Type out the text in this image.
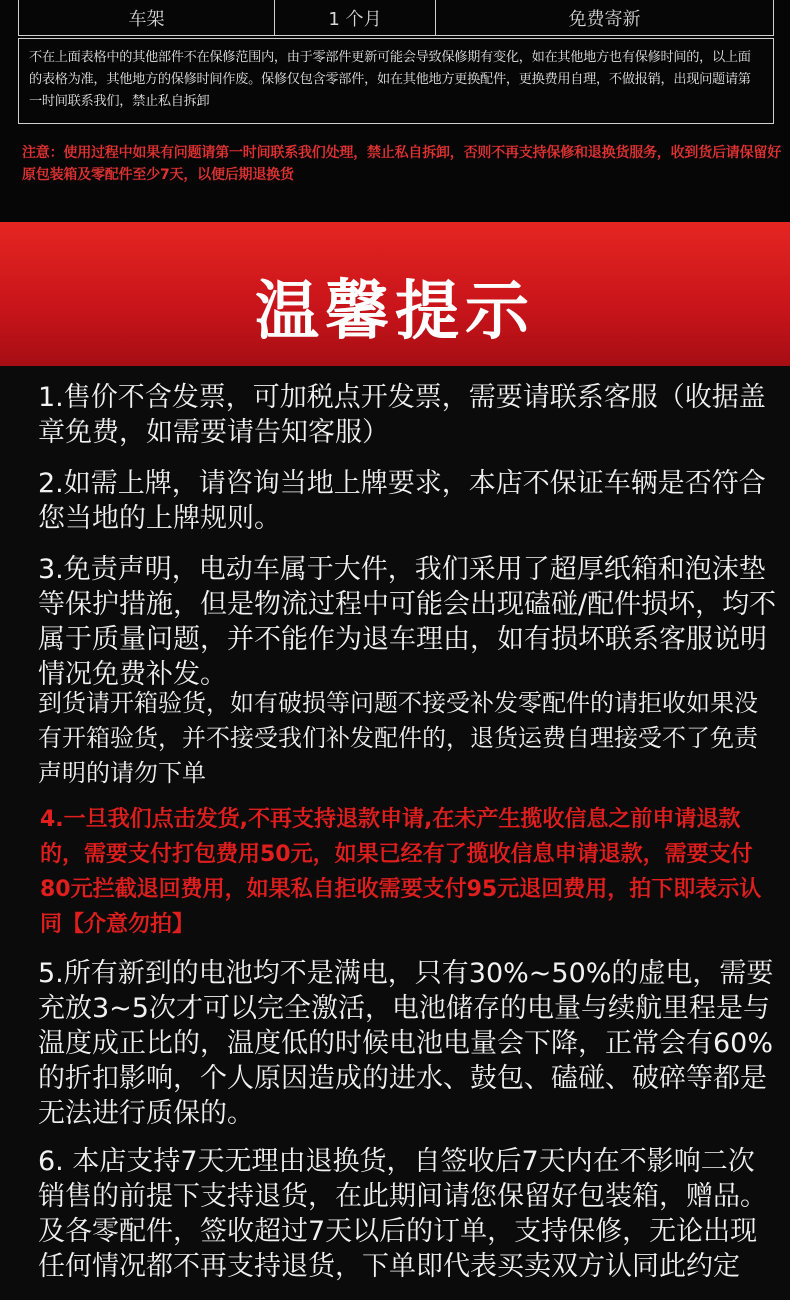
车架	1 个月	免费寄新
不在上面表格中的其他部件不在保修范围内，由于零部件更新可能会导致保修期有变化，如在其他地方也有保修时间的，以上面的表格为准，其他地方的保修时间作废。保修仅包含零部件，如在其他地方更换配件，更换费用自理，不做报销，出现问题请第一时间联系我们，禁止私自拆卸
注意：使用过程中如果有问题请第一时间联系我们处理，禁止私自拆卸，否则不再支持保修和退换货服务，收到货后请保留好原包装箱及零配件至少7天，以便后期退换货
温馨提示

1.售价不含发票，可加税点开发票，需要请联系客服（收据盖章免费，如需要请告知客服）

2.如需上牌，请咨询当地上牌要求，本店不保证车辆是否符合您当地的上牌规则。

3.免责声明，电动车属于大件，我们采用了超厚纸箱和泡沫垫等保护措施，但是物流过程中可能会出现磕碰/配件损坏，均不属于质量问题，并不能作为退车理由，如有损坏联系客服说明情况免费补发。

到货请开箱验货，如有破损等问题不接受补发零配件的请拒收如果没有开箱验货，并不接受我们补发配件的，退货运费自理接受不了免责声明的请勿下单

4.一旦我们点击发货,不再支持退款申请,在未产生揽收信息之前申请退款的，需要支付打包费用50元，如果已经有了揽收信息申请退款，需要支付80元拦截退回费用，如果私自拒收需要支付95元退回费用，拍下即表示认同【介意勿拍】

5.所有新到的电池均不是满电，只有30%~50%的虚电，需要充放3~5次才可以完全激活，电池储存的电量与续航里程是与温度成正比的，温度低的时候电池电量会下降，正常会有60%的折扣影响，个人原因造成的进水、鼓包、磕碰、破碎等都是无法进行质保的。

6. 本店支持7天无理由退换货，自签收后7天内在不影响二次销售的前提下支持退货，在此期间请您保留好包装箱，赠品。及各零配件，签收超过7天以后的订单，支持保修，无论出现任何情况都不再支持退货，下单即代表买卖双方认同此约定
